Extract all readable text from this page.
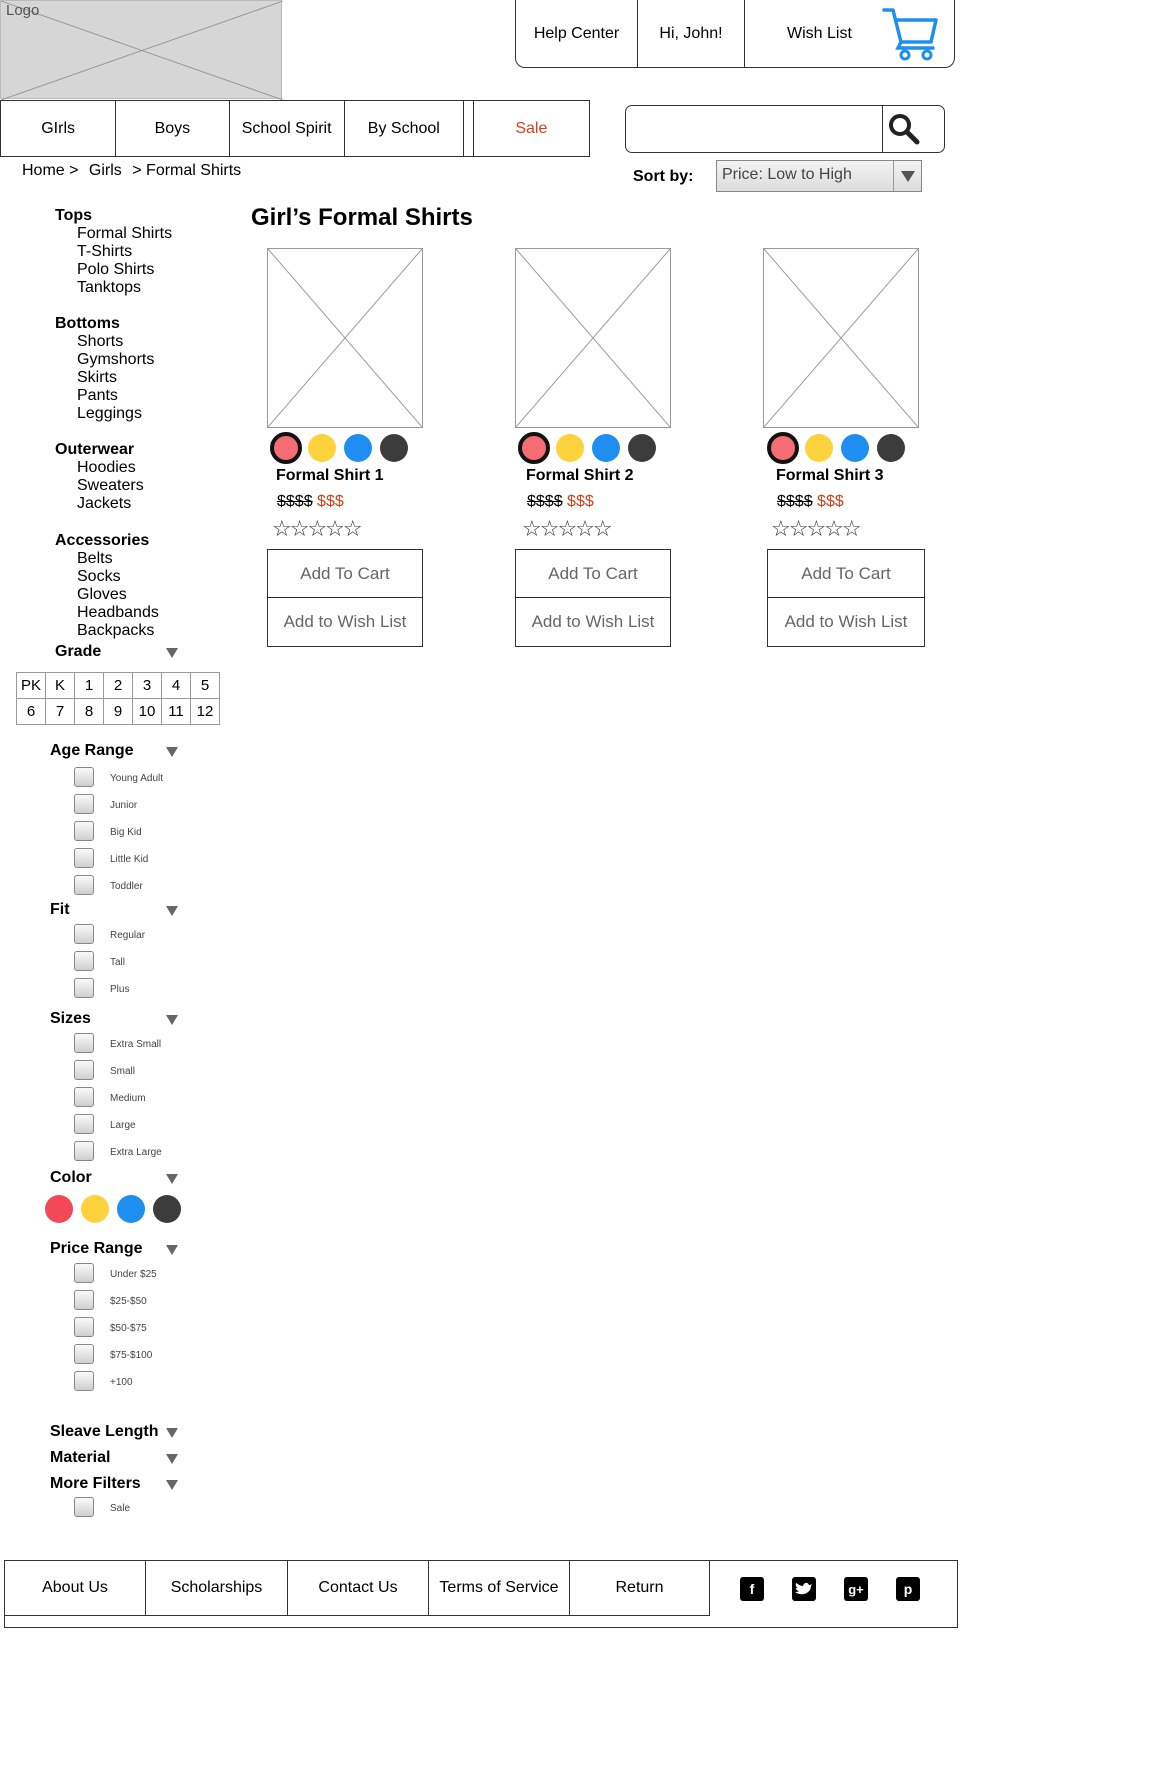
Logo
Help Center	Hi, John!	Wish List
GIrls	Boys	School Spirit	By School	Sale
Home >
Girls
> Formal Shirts	Sort by:	Price: Low to High
Girl’s Formal Shirts
Tops
Formal Shirts
T-Shirts
Polo Shirts
Tanktops
Bottoms
Shorts
Gymshorts
Skirts
Pants
Leggings
Outerwear
Hoodies
Sweaters
Jackets
Accessories
Belts
Socks
Gloves
Headbands
Backpacks
Grade
PK	K	1	2	3	4	5
6	7	8	9	10	11	12
Age Range
Young Adult
Junior
Big Kid
Little Kid
Toddler
Fit
Regular
Tall
Plus
Sizes
Extra Small
Small
Medium
Large
Extra Large
Color
Price Range
Under $25
$25-$50
$50-$75
$75-$100
+100
Sleave Length
Material
More Filters
Sale
Formal Shirt 1
$$$$ $$$
☆☆☆☆☆
Add To Cart
Add to Wish List
Formal Shirt 2
$$$$ $$$
☆☆☆☆☆
Add To Cart
Add to Wish List
Formal Shirt 3
$$$$ $$$
☆☆☆☆☆
Add To Cart
Add to Wish List
About Us	Scholarships	Contact Us	Terms of Service	Return	f	g+	p
